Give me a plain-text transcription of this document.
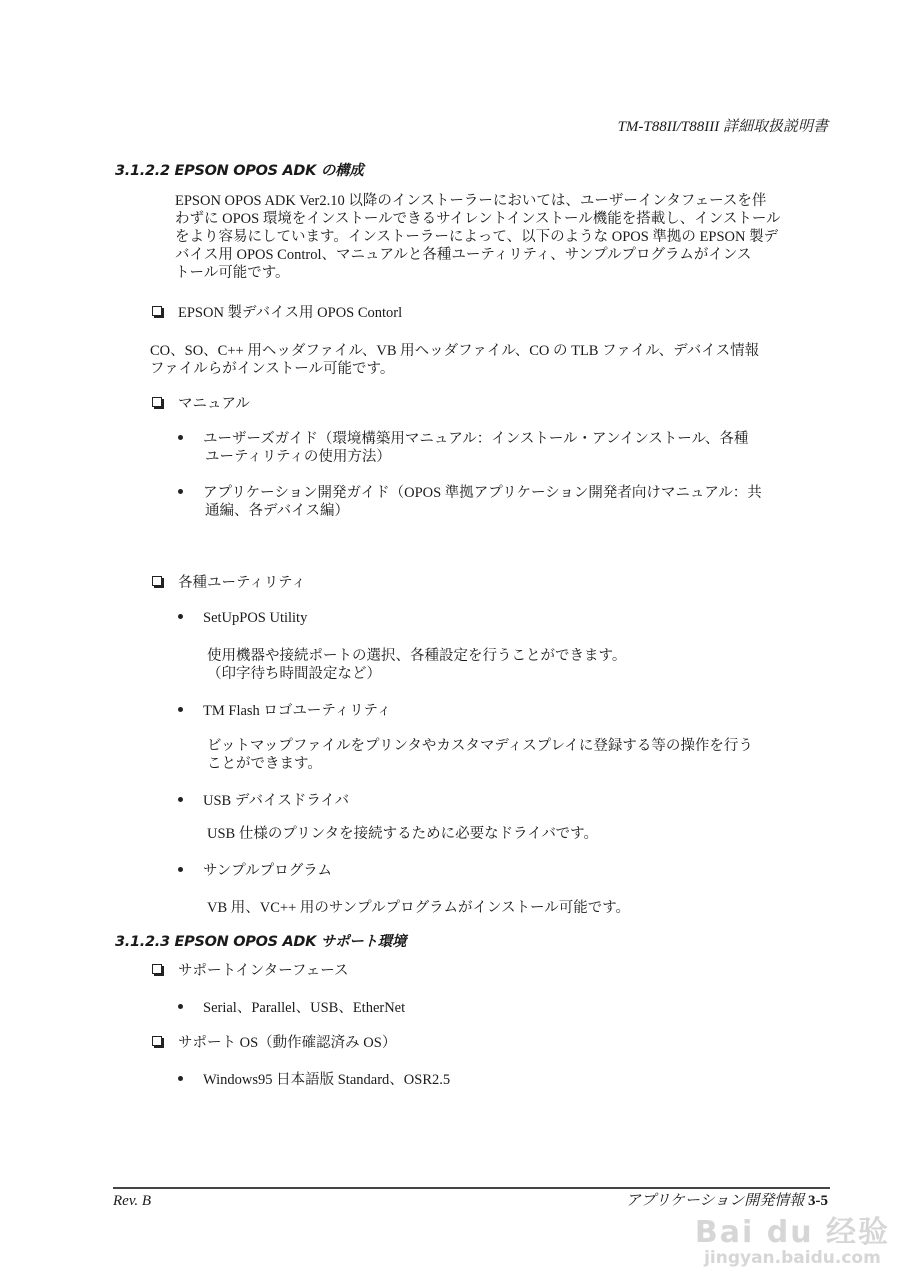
TM-T88II/T88III 詳細取扱説明書
3.1.2.2 EPSON OPOS ADK の構成
EPSON OPOS ADK Ver2.10 以降のインストーラーにおいては、ユーザーインタフェースを伴
わずに OPOS 環境をインストールできるサイレントインストール機能を搭載し、インストール
をより容易にしています。インストーラーによって、以下のような OPOS 準拠の EPSON 製デ
バイス用 OPOS Control、マニュアルと各種ユーティリティ、サンプルプログラムがインス
トール可能です。
EPSON 製デバイス用 OPOS Contorl
CO、SO、C++ 用ヘッダファイル、VB 用ヘッダファイル、CO の TLB ファイル、デバイス情報
ファイルらがインストール可能です。
マニュアル
ユーザーズガイド（環境構築用マニュアル：インストール・アンインストール、各種
ユーティリティの使用方法）
アプリケーション開発ガイド（OPOS 準拠アプリケーション開発者向けマニュアル：共
通編、各デバイス編）
各種ユーティリティ
SetUpPOS Utility
使用機器や接続ポートの選択、各種設定を行うことができます。
（印字待ち時間設定など）
TM Flash ロゴユーティリティ
ビットマップファイルをプリンタやカスタマディスプレイに登録する等の操作を行う
ことができます。
USB デバイスドライバ
USB 仕様のプリンタを接続するために必要なドライバです。
サンプルプログラム
VB 用、VC++ 用のサンプルプログラムがインストール可能です。
3.1.2.3 EPSON OPOS ADK サポート環境
サポートインターフェース
Serial、Parallel、USB、EtherNet
サポート OS（動作確認済み OS）
Windows95 日本語版 Standard、OSR2.5
Rev. B	アプリケーション開発情報 3-5
Bai du 经验
jingyan.baidu.com
